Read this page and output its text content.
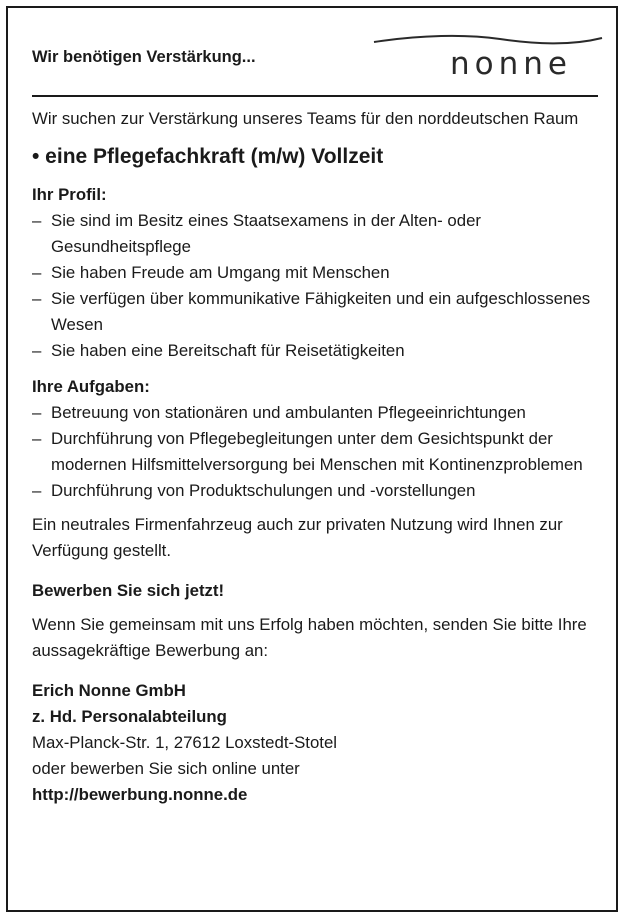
Wir benötigen Verstärkung...	nonne

Wir suchen zur Verstärkung unseres Teams für den norddeutschen Raum

• eine Pflegefachkraft (m/w) Vollzeit

Ihr Profil:

– Sie sind im Besitz eines Staatsexamens in der Alten- oder Gesundheitspflege
– Sie haben Freude am Umgang mit Menschen
– Sie verfügen über kommunikative Fähigkeiten und ein aufgeschlossenes Wesen
– Sie haben eine Bereitschaft für Reisetätigkeiten

Ihre Aufgaben:

– Betreuung von stationären und ambulanten Pflegeeinrichtungen
– Durchführung von Pflegebegleitungen unter dem Gesichtspunkt der modernen Hilfsmittelversorgung bei Menschen mit Kontinenzproblemen
– Durchführung von Produktschulungen und -vorstellungen

Ein neutrales Firmenfahrzeug auch zur privaten Nutzung wird Ihnen zur Verfügung gestellt.

Bewerben Sie sich jetzt!

Wenn Sie gemeinsam mit uns Erfolg haben möchten, senden Sie bitte Ihre aussagekräftige Bewerbung an:

Erich Nonne GmbH

z. Hd. Personalabteilung

Max-Planck-Str. 1, 27612 Loxstedt-Stotel

oder bewerben Sie sich online unter

http://bewerbung.nonne.de
